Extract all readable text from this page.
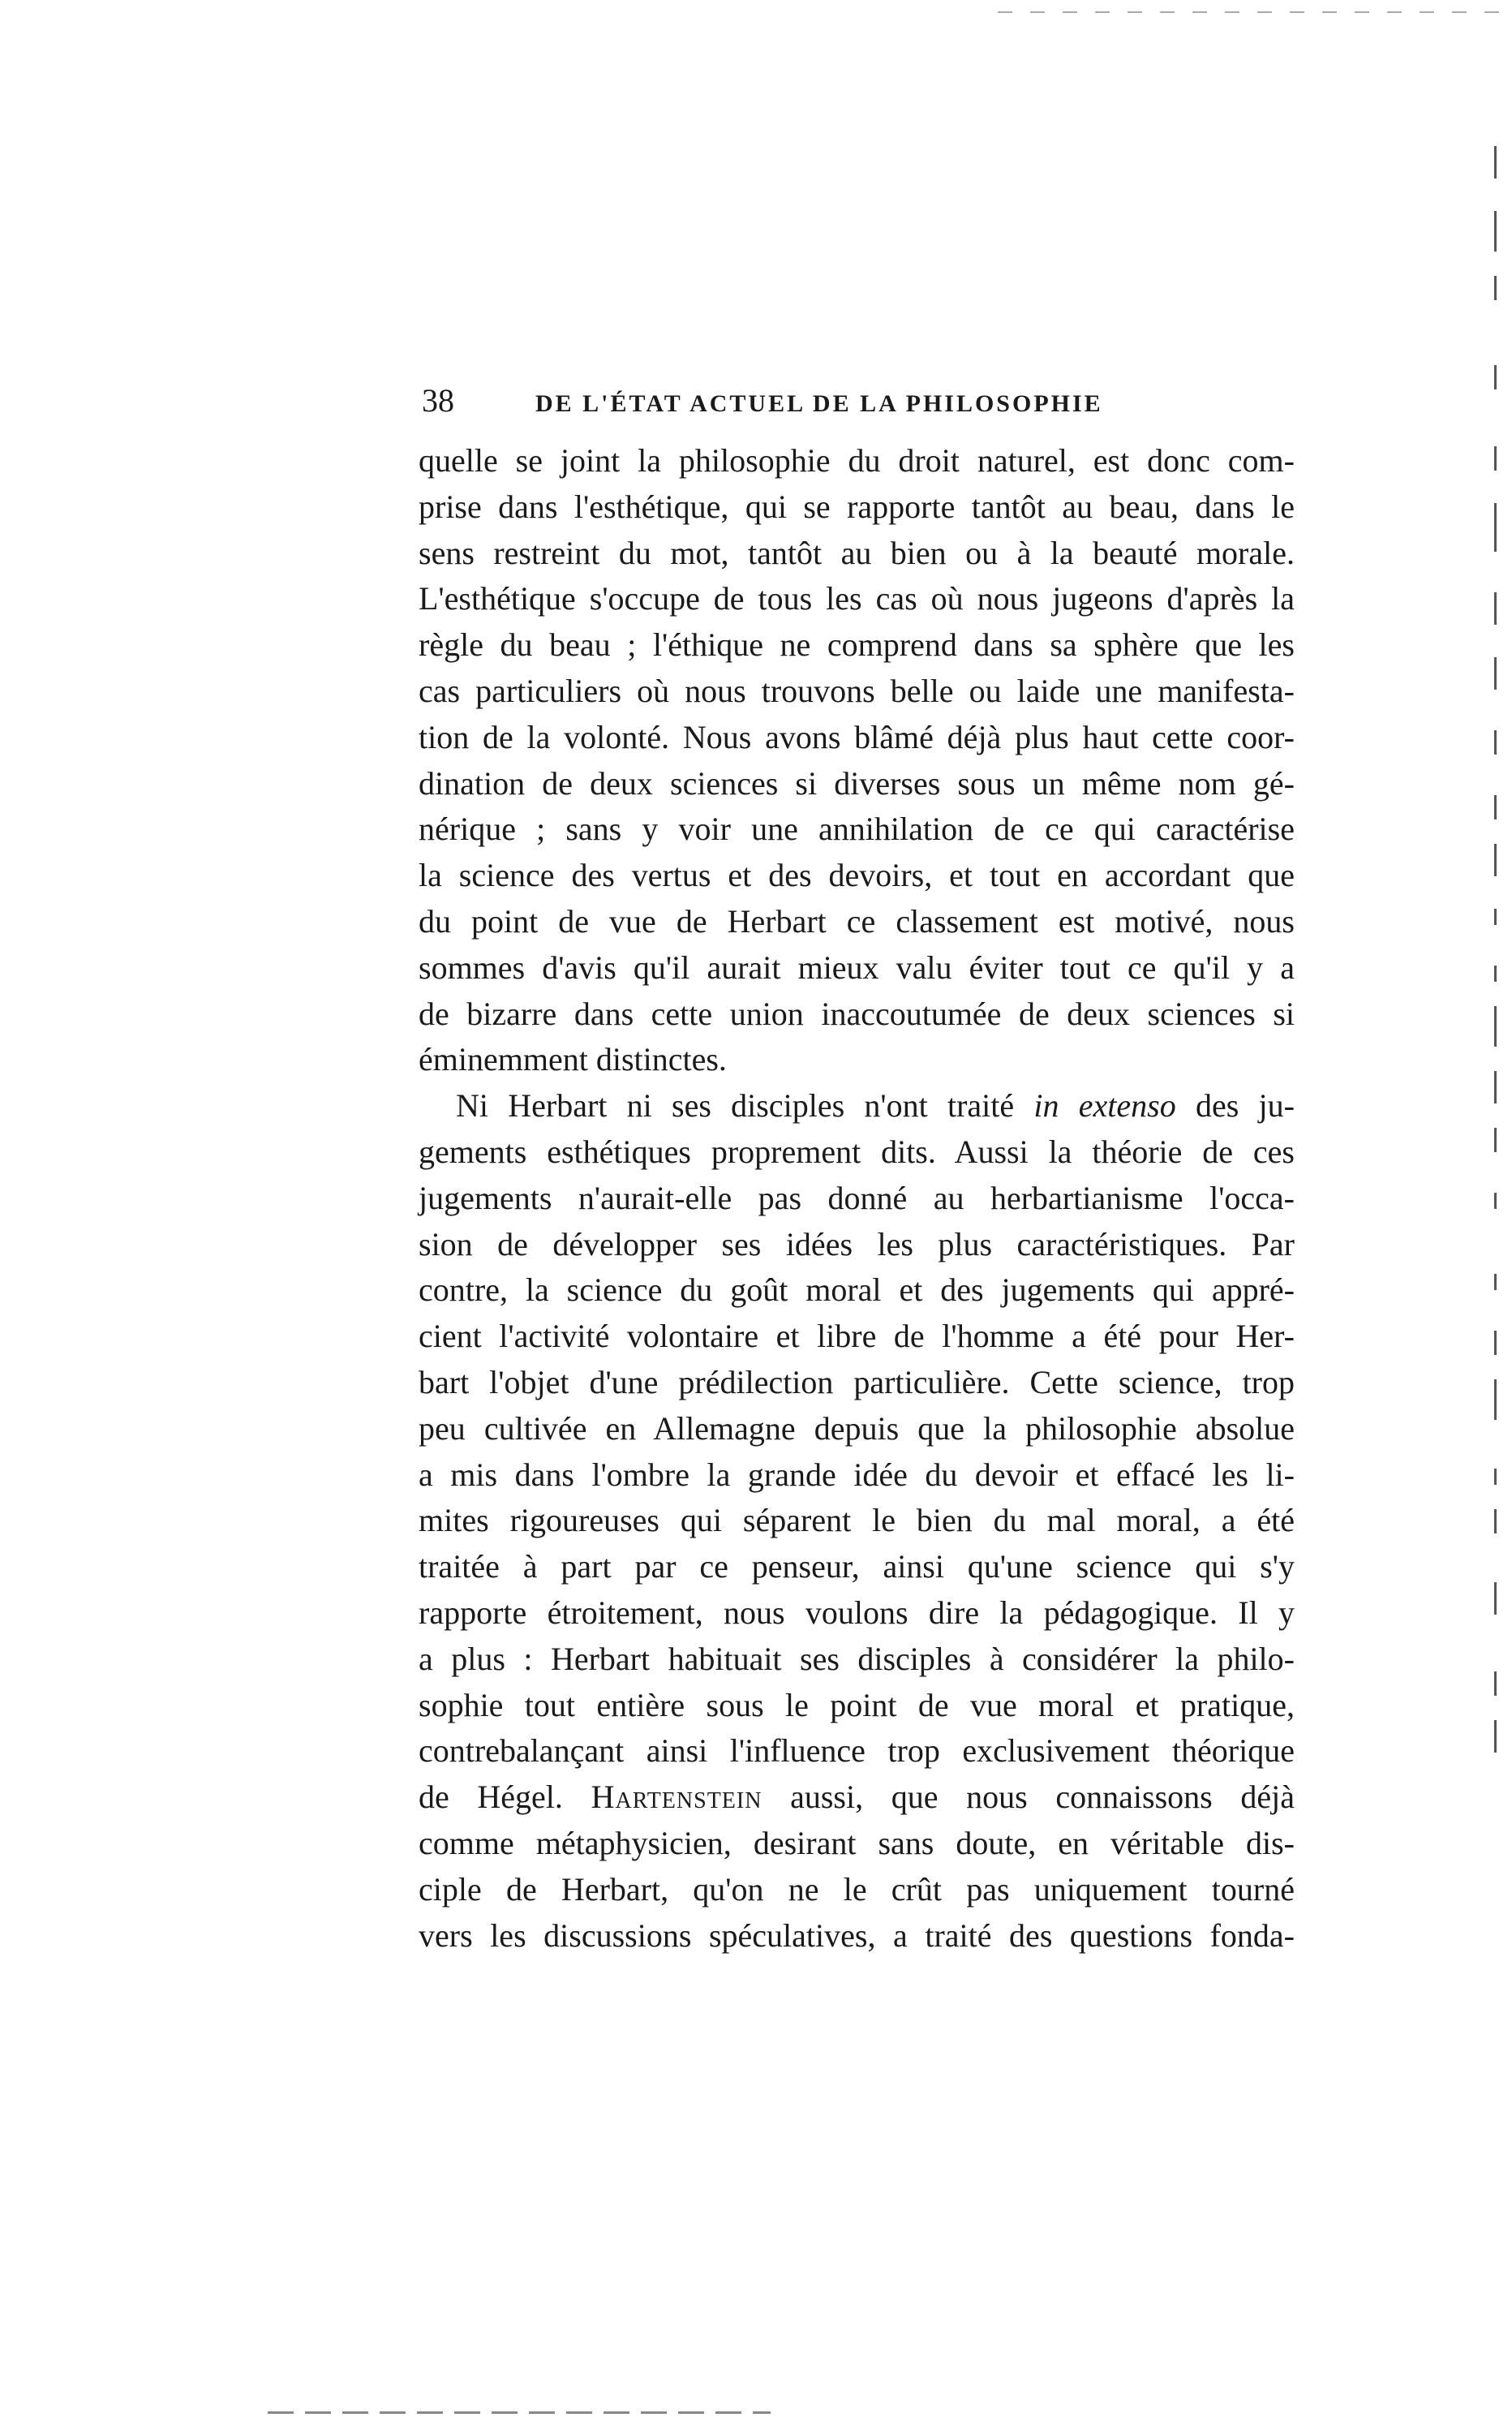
38	DE L'ÉTAT ACTUEL DE LA PHILOSOPHIE
quelle se joint la philosophie du droit naturel, est donc com-
prise dans l'esthétique, qui se rapporte tantôt au beau, dans le
sens restreint du mot, tantôt au bien ou à la beauté morale.
L'esthétique s'occupe de tous les cas où nous jugeons d'après la
règle du beau ; l'éthique ne comprend dans sa sphère que les
cas particuliers où nous trouvons belle ou laide une manifesta-
tion de la volonté. Nous avons blâmé déjà plus haut cette coor-
dination de deux sciences si diverses sous un même nom gé-
nérique ; sans y voir une annihilation de ce qui caractérise
la science des vertus et des devoirs, et tout en accordant que
du point de vue de Herbart ce classement est motivé, nous
sommes d'avis qu'il aurait mieux valu éviter tout ce qu'il y a
de bizarre dans cette union inaccoutumée de deux sciences si
éminemment distinctes.
Ni Herbart ni ses disciples n'ont traité in extenso des ju-
gements esthétiques proprement dits. Aussi la théorie de ces
jugements n'aurait-elle pas donné au herbartianisme l'occa-
sion de développer ses idées les plus caractéristiques. Par
contre, la science du goût moral et des jugements qui appré-
cient l'activité volontaire et libre de l'homme a été pour Her-
bart l'objet d'une prédilection particulière. Cette science, trop
peu cultivée en Allemagne depuis que la philosophie absolue
a mis dans l'ombre la grande idée du devoir et effacé les li-
mites rigoureuses qui séparent le bien du mal moral, a été
traitée à part par ce penseur, ainsi qu'une science qui s'y
rapporte étroitement, nous voulons dire la pédagogique. Il y
a plus : Herbart habituait ses disciples à considérer la philo-
sophie tout entière sous le point de vue moral et pratique,
contrebalançant ainsi l'influence trop exclusivement théorique
de Hégel. Hartenstein aussi, que nous connaissons déjà
comme métaphysicien, desirant sans doute, en véritable dis-
ciple de Herbart, qu'on ne le crût pas uniquement tourné
vers les discussions spéculatives, a traité des questions fonda-
